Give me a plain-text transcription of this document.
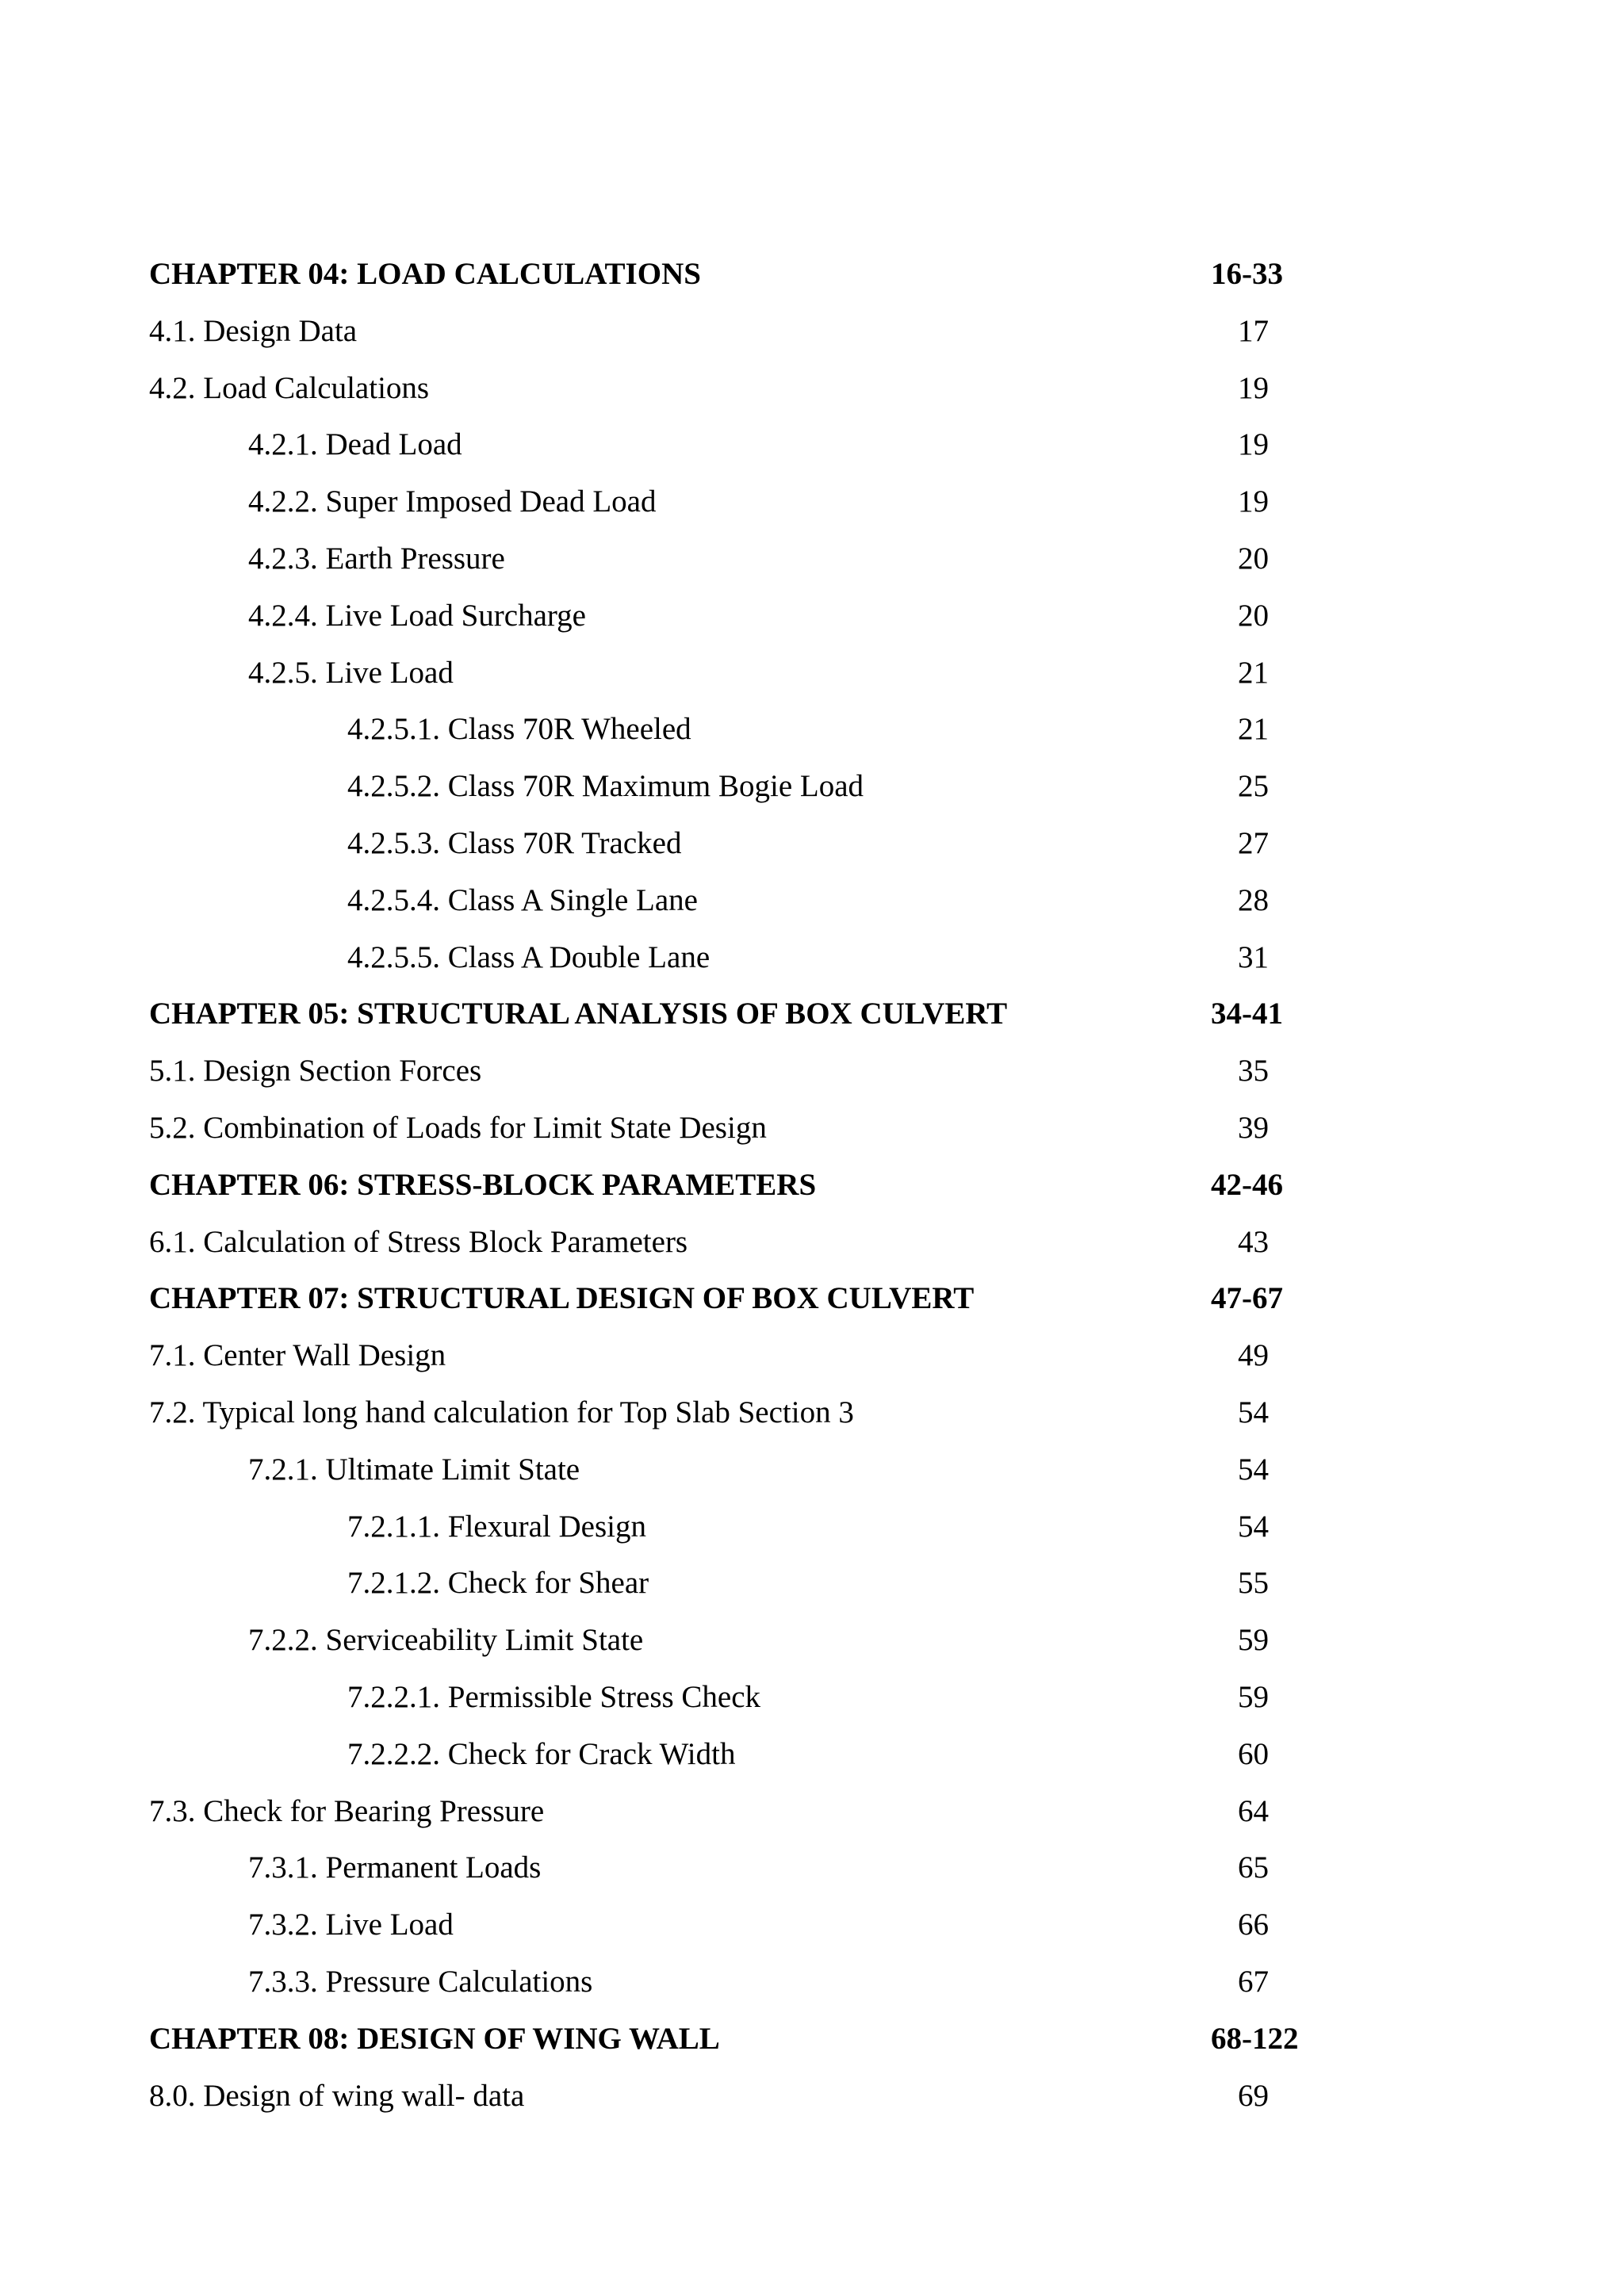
CHAPTER 04: LOAD CALCULATIONS	16-33
4.1. Design Data	17
4.2. Load Calculations	19
4.2.1. Dead Load	19
4.2.2. Super Imposed Dead Load	19
4.2.3. Earth Pressure	20
4.2.4. Live Load Surcharge	20
4.2.5. Live Load	21
4.2.5.1. Class 70R Wheeled	21
4.2.5.2. Class 70R Maximum Bogie Load	25
4.2.5.3. Class 70R Tracked	27
4.2.5.4. Class A Single Lane	28
4.2.5.5. Class A Double Lane	31
CHAPTER 05: STRUCTURAL ANALYSIS OF BOX CULVERT	34-41
5.1. Design Section Forces	35
5.2. Combination of Loads for Limit State Design	39
CHAPTER 06: STRESS-BLOCK PARAMETERS	42-46
6.1. Calculation of Stress Block Parameters	43
CHAPTER 07: STRUCTURAL DESIGN OF BOX CULVERT	47-67
7.1. Center Wall Design	49
7.2. Typical long hand calculation for Top Slab Section 3	54
7.2.1. Ultimate Limit State	54
7.2.1.1. Flexural Design	54
7.2.1.2. Check for Shear	55
7.2.2. Serviceability Limit State	59
7.2.2.1. Permissible Stress Check	59
7.2.2.2. Check for Crack Width	60
7.3. Check for Bearing Pressure	64
7.3.1. Permanent Loads	65
7.3.2. Live Load	66
7.3.3. Pressure Calculations	67
CHAPTER 08: DESIGN OF WING WALL	68-122
8.0. Design of wing wall- data	69
